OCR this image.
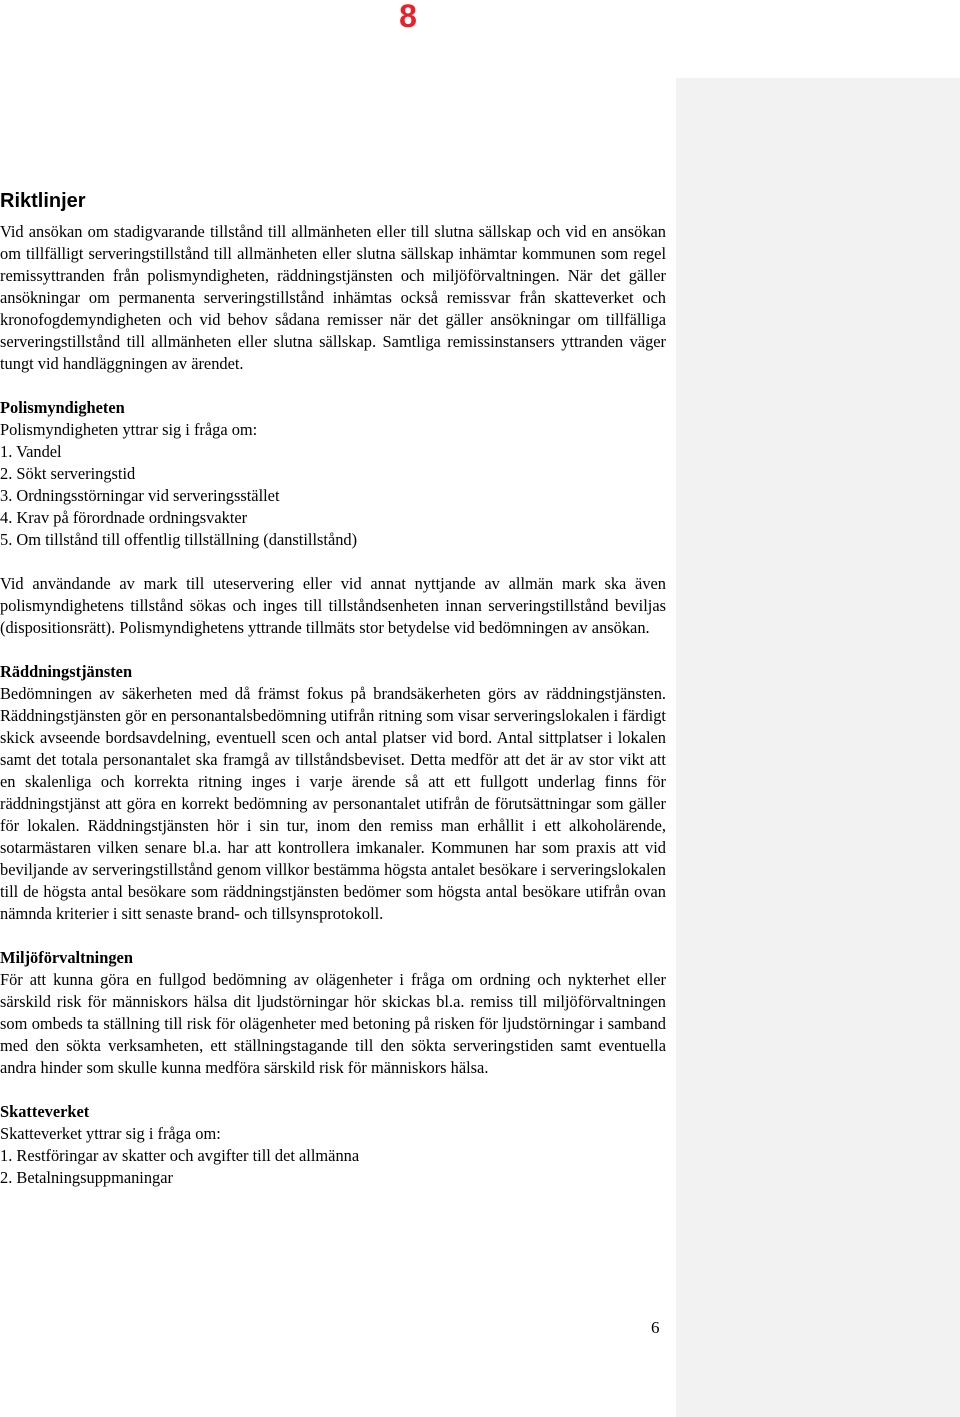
8
Riktlinjer

Vid ansökan om stadigvarande tillstånd till allmänheten eller till slutna sällskap och vid en ansökan om tillfälligt serveringstillstånd till allmänheten eller slutna sällskap inhämtar kommunen som regel remissyttranden från polismyndigheten, räddningstjänsten och miljöförvaltningen. När det gäller ansökningar om permanenta serveringstillstånd inhämtas också remissvar från skatteverket och kronofogdemyndigheten och vid behov sådana remisser när det gäller ansökningar om tillfälliga serveringstillstånd till allmänheten eller slutna sällskap. Samtliga remissinstansers yttranden väger tungt vid handläggningen av ärendet.

Polismyndigheten
Polismyndigheten yttrar sig i fråga om:
1. Vandel
2. Sökt serveringstid
3. Ordningsstörningar vid serveringsstället
4. Krav på förordnade ordningsvakter
5. Om tillstånd till offentlig tillställning (danstillstånd)

Vid användande av mark till uteservering eller vid annat nyttjande av allmän mark ska även polismyndighetens tillstånd sökas och inges till tillståndsenheten innan serveringstillstånd beviljas (dispositionsrätt). Polismyndighetens yttrande tillmäts stor betydelse vid bedömningen av ansökan.

Räddningstjänsten

Bedömningen av säkerheten med då främst fokus på brandsäkerheten görs av räddningstjänsten. Räddningstjänsten gör en personantalsbedömning utifrån ritning som visar serveringslokalen i färdigt skick avseende bordsavdelning, eventuell scen och antal platser vid bord. Antal sittplatser i lokalen samt det totala personantalet ska framgå av tillståndsbeviset. Detta medför att det är av stor vikt att en skalenliga och korrekta ritning inges i varje ärende så att ett fullgott underlag finns för räddningstjänst att göra en korrekt bedömning av personantalet utifrån de förutsättningar som gäller för lokalen. Räddningstjänsten hör i sin tur, inom den remiss man erhållit i ett alkoholärende, sotarmästaren vilken senare bl.a. har att kontrollera imkanaler. Kommunen har som praxis att vid beviljande av serveringstillstånd genom villkor bestämma högsta antalet besökare i serveringslokalen till de högsta antal besökare som räddningstjänsten bedömer som högsta antal besökare utifrån ovan nämnda kriterier i sitt senaste brand- och tillsynsprotokoll.

Miljöförvaltningen

För att kunna göra en fullgod bedömning av olägenheter i fråga om ordning och nykterhet eller särskild risk för människors hälsa dit ljudstörningar hör skickas bl.a. remiss till miljöförvaltningen som ombeds ta ställning till risk för olägenheter med betoning på risken för ljudstörningar i samband med den sökta verksamheten, ett ställningstagande till den sökta serveringstiden samt eventuella andra hinder som skulle kunna medföra särskild risk för människors hälsa.

Skatteverket
Skatteverket yttrar sig i fråga om:
1. Restföringar av skatter och avgifter till det allmänna
2. Betalningsuppmaningar
6
